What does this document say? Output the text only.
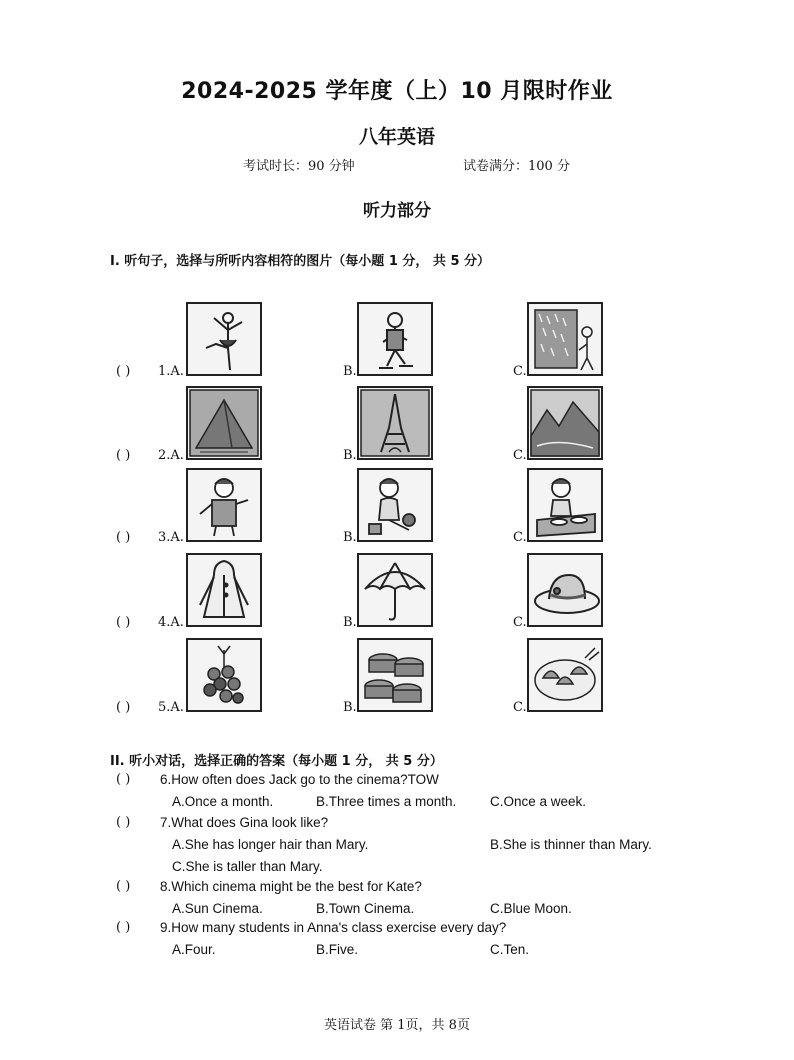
2024-2025 学年度（上）10 月限时作业
八年英语
考试时长：90 分钟	试卷满分：100 分
听力部分
I. 听句子，选择与所听内容相符的图片（每小题 1 分， 共 5 分）
( ) 1.A.	B.	C.
( ) 2.A.	B.	C.
( ) 3.A.	B.	C.
( ) 4.A.	B.	C.
( ) 5.A.	B.	C.
II. 听小对话，选择正确的答案（每小题 1 分， 共 5 分）
( ) 6.How often does Jack go to the cinema?TOW
A.Once a month.	B.Three times a month. C.Once a week.
( ) 7.What does Gina look like?
A.She has longer hair than Mary.	B.She is thinner than Mary.
C.She is taller than Mary.
( ) 8.Which cinema might be the best for Kate?
A.Sun Cinema.	B.Town Cinema.	C.Blue Moon.
( ) 9.How many students in Anna's class exercise every day?
A.Four.	B.Five.	C.Ten.
英语试卷 第 1页，共 8页
